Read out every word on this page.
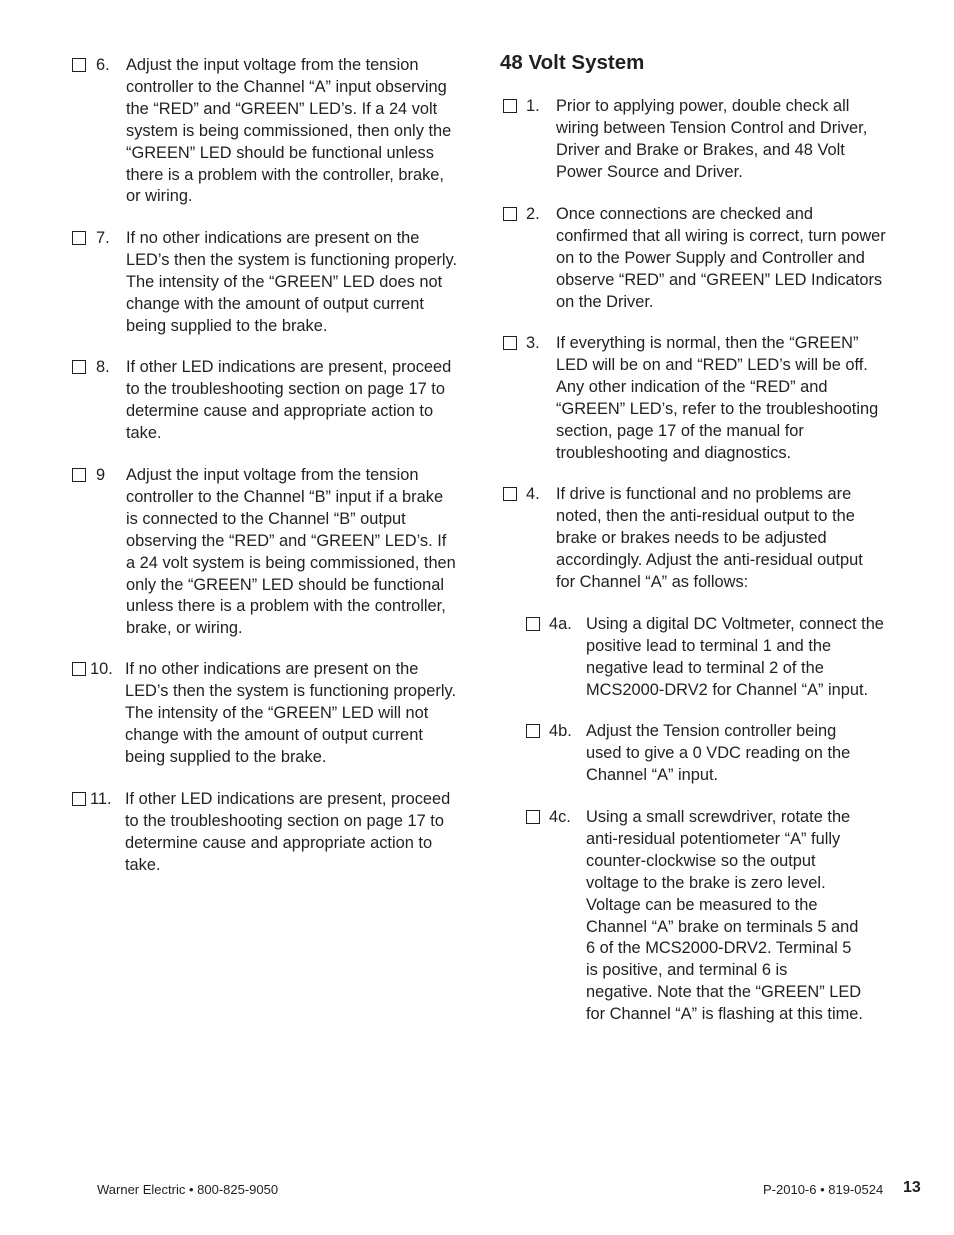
6. Adjust the input voltage from the tension
controller to the Channel “A” input observing
the “RED” and “GREEN” LED’s. If a 24 volt
system is being commissioned, then only the
“GREEN” LED should be functional unless
there is a problem with the controller, brake,
or wiring.
7. If no other indications are present on the
LED’s then the system is functioning properly.
The intensity of the “GREEN” LED does not
change with the amount of output current
being supplied to the brake.
8. If other LED indications are present, proceed
to the troubleshooting section on page 17 to
determine cause and appropriate action to
take.
9 Adjust the input voltage from the tension
controller to the Channel “B” input if a brake
is connected to the Channel “B” output
observing the “RED” and “GREEN” LED’s. If
a 24 volt system is being commissioned, then
only the “GREEN” LED should be functional
unless there is a problem with the controller,
brake, or wiring.
10. If no other indications are present on the
LED’s then the system is functioning properly.
The intensity of the “GREEN” LED will not
change with the amount of output current
being supplied to the brake.
11. If other LED indications are present, proceed
to the troubleshooting section on page 17 to
determine cause and appropriate action to
take.
48 Volt System
1. Prior to applying power, double check all
wiring between Tension Control and Driver,
Driver and Brake or Brakes, and 48 Volt
Power Source and Driver.
2. Once connections are checked and
confirmed that all wiring is correct, turn power
on to the Power Supply and Controller and
observe “RED” and “GREEN” LED Indicators
on the Driver.
3. If everything is normal, then the “GREEN”
LED will be on and “RED” LED’s will be off.
Any other indication of the “RED” and
“GREEN” LED’s, refer to the troubleshooting
section, page 17 of the manual for
troubleshooting and diagnostics.
4. If drive is functional and no problems are
noted, then the anti-residual output to the
brake or brakes needs to be adjusted
accordingly. Adjust the anti-residual output
for Channel “A” as follows:
4a. Using a digital DC Voltmeter, connect the
positive lead to terminal 1 and the
negative lead to terminal 2 of the
MCS2000-DRV2 for Channel “A” input.
4b. Adjust the Tension controller being
used to give a 0 VDC reading on the
Channel “A” input.
4c. Using a small screwdriver, rotate the
anti-residual potentiometer “A” fully
counter-clockwise so the output
voltage to the brake is zero level.
Voltage can be measured to the
Channel “A” brake on terminals 5 and
6 of the MCS2000-DRV2. Terminal 5
is positive, and terminal 6 is
negative. Note that the “GREEN” LED
for Channel “A” is flashing at this time.
Warner Electric • 800-825-9050	P-2010-6 • 819-0524 13
